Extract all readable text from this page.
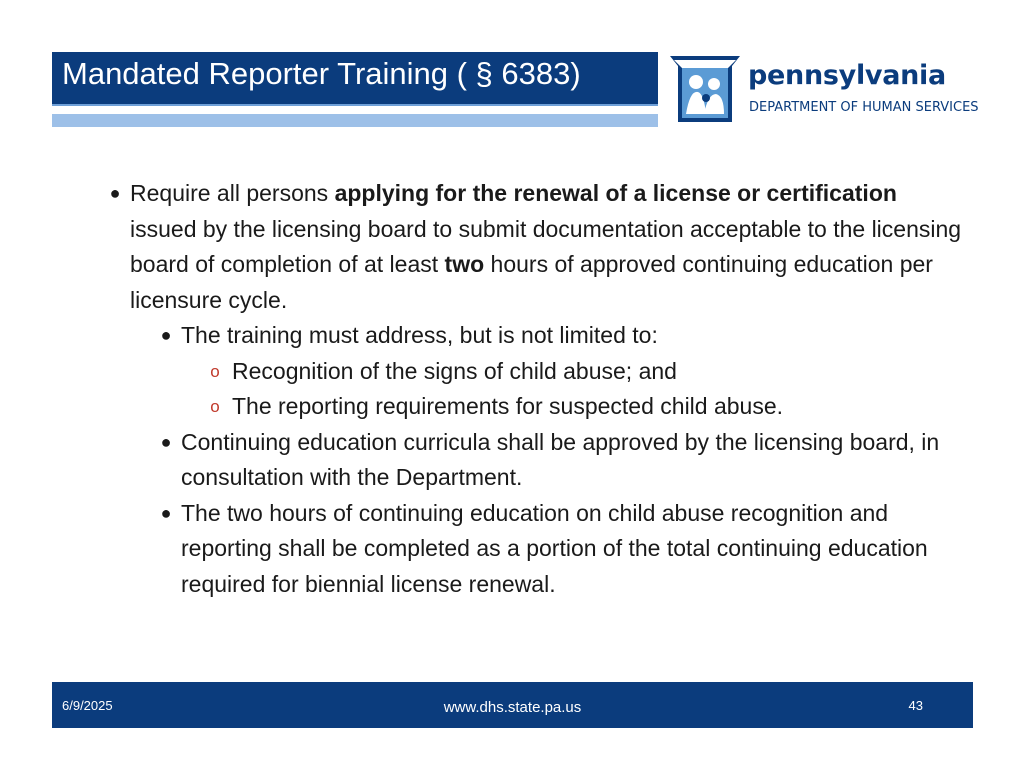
Mandated Reporter Training ( § 6383)	pennsylvania
DEPARTMENT OF HUMAN SERVICES
● Require all persons applying for the renewal of a license or certification issued by the licensing board to submit documentation acceptable to the licensing board of completion of at least two hours of approved continuing education per licensure cycle.
● The training must address, but is not limited to:
o Recognition of the signs of child abuse; and
o The reporting requirements for suspected child abuse.
● Continuing education curricula shall be approved by the licensing board, in consultation with the Department.
● The two hours of continuing education on child abuse recognition and reporting shall be completed as a portion of the total continuing education required for biennial license renewal.
6/9/2025	www.dhs.state.pa.us	43
